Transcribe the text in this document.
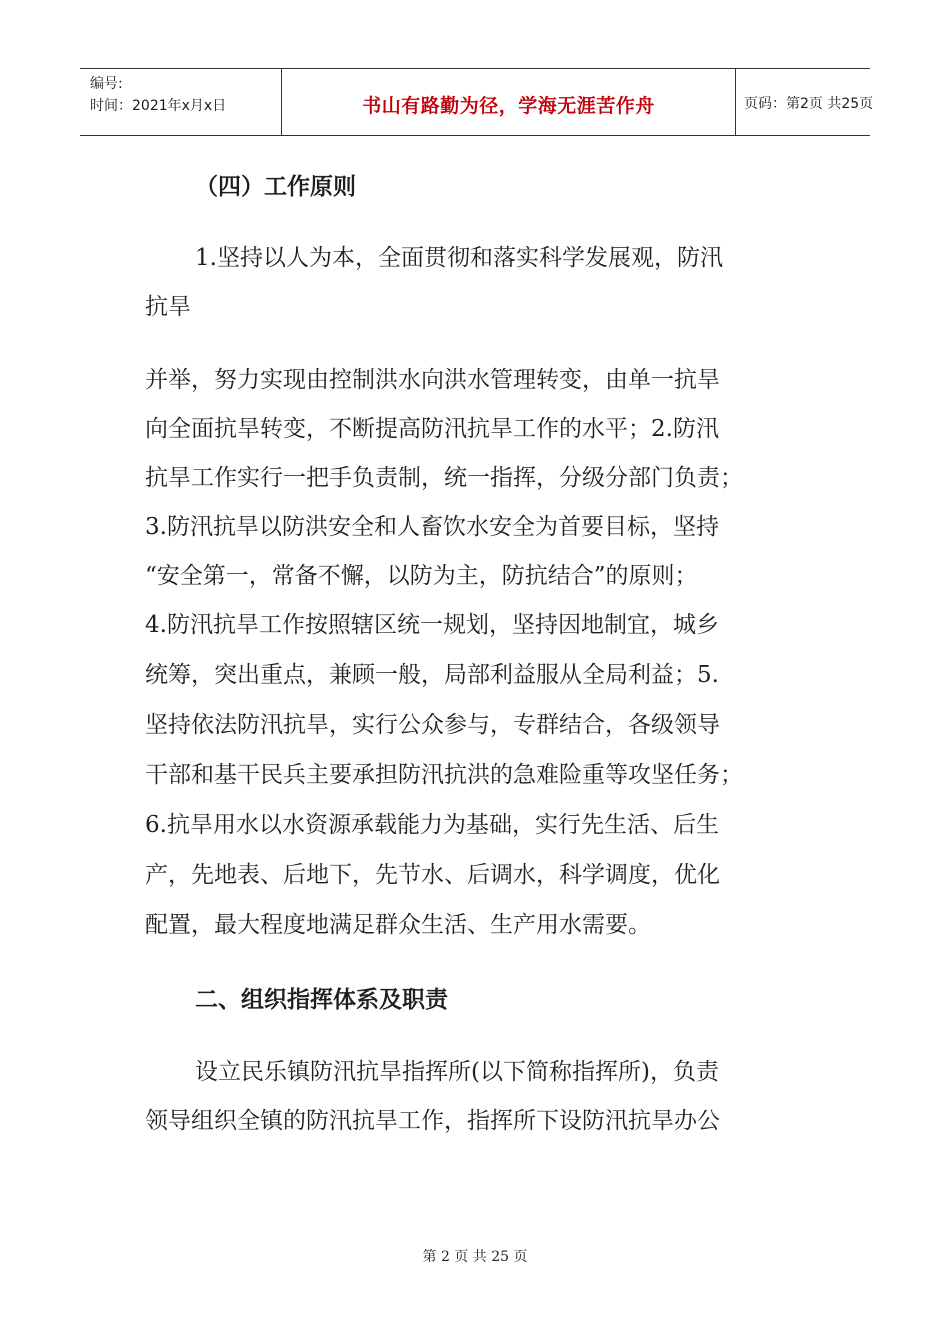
编号:
时间：2021年x月x日	书山有路勤为径，学海无涯苦作舟	页码：第2页 共25页
（四）工作原则
1.坚持以人为本，全面贯彻和落实科学发展观，防汛
抗旱
并举，努力实现由控制洪水向洪水管理转变，由单一抗旱
向全面抗旱转变，不断提高防汛抗旱工作的水平；2.防汛
抗旱工作实行一把手负责制，统一指挥，分级分部门负责；
3.防汛抗旱以防洪安全和人畜饮水安全为首要目标，坚持
“安全第一，常备不懈，以防为主，防抗结合”的原则；
4.防汛抗旱工作按照辖区统一规划，坚持因地制宜，城乡
统筹，突出重点，兼顾一般，局部利益服从全局利益；5.
坚持依法防汛抗旱，实行公众参与，专群结合，各级领导
干部和基干民兵主要承担防汛抗洪的急难险重等攻坚任务；
6.抗旱用水以水资源承载能力为基础，实行先生活、后生
产，先地表、后地下，先节水、后调水，科学调度，优化
配置，最大程度地满足群众生活、生产用水需要。
二、组织指挥体系及职责
设立民乐镇防汛抗旱指挥所(以下简称指挥所)，负责
领导组织全镇的防汛抗旱工作，指挥所下设防汛抗旱办公
第 2 页 共 25 页
